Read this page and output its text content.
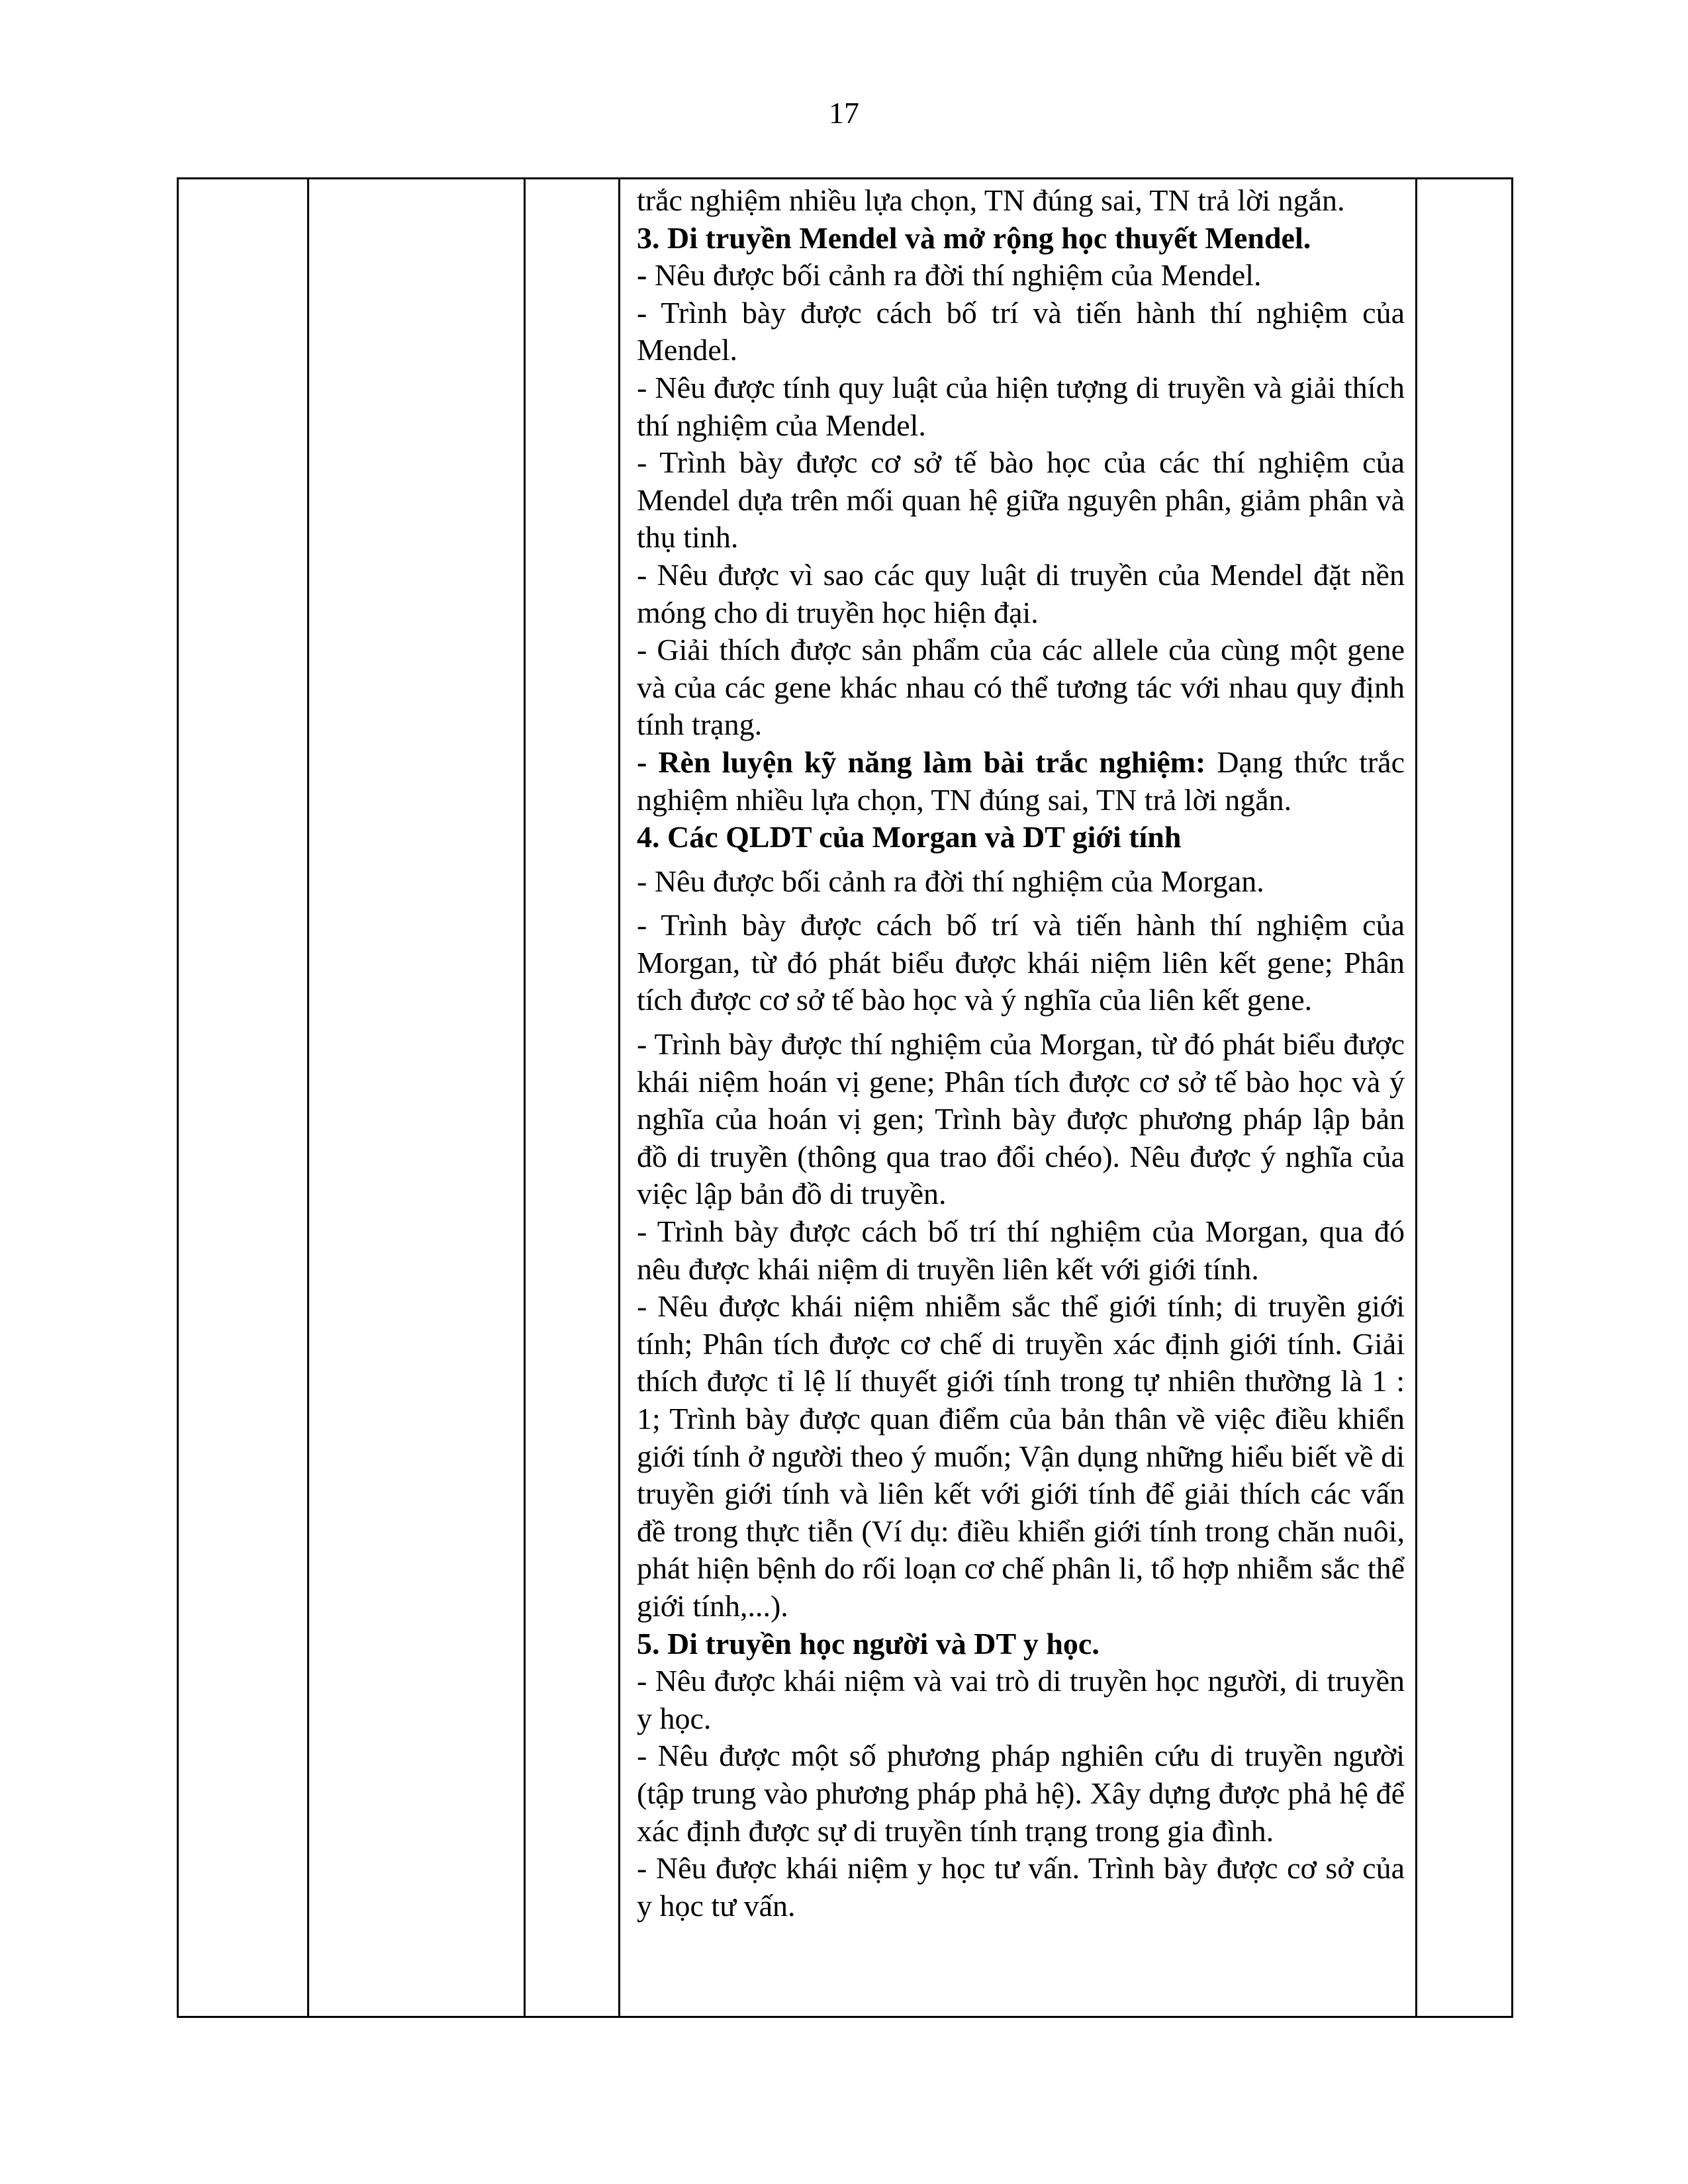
17

trắc nghiệm nhiều lựa chọn, TN đúng sai, TN trả lời ngắn.

3. Di truyền Mendel và mở rộng học thuyết Mendel.

- Nêu được bối cảnh ra đời thí nghiệm của Mendel.

- Trình bày được cách bố trí và tiến hành thí nghiệm của Mendel.

- Nêu được tính quy luật của hiện tượng di truyền và giải thích thí nghiệm của Mendel.

- Trình bày được cơ sở tế bào học của các thí nghiệm của Mendel dựa trên mối quan hệ giữa nguyên phân, giảm phân và thụ tinh.

- Nêu được vì sao các quy luật di truyền của Mendel đặt nền móng cho di truyền học hiện đại.

- Giải thích được sản phẩm của các allele của cùng một gene và của các gene khác nhau có thể tương tác với nhau quy định tính trạng.

- Rèn luyện kỹ năng làm bài trắc nghiệm: Dạng thức trắc nghiệm nhiều lựa chọn, TN đúng sai, TN trả lời ngắn.

4. Các QLDT của Morgan và DT giới tính

- Nêu được bối cảnh ra đời thí nghiệm của Morgan.

- Trình bày được cách bố trí và tiến hành thí nghiệm của Morgan, từ đó phát biểu được khái niệm liên kết gene; Phân tích được cơ sở tế bào học và ý nghĩa của liên kết gene.

- Trình bày được thí nghiệm của Morgan, từ đó phát biểu được khái niệm hoán vị gene; Phân tích được cơ sở tế bào học và ý nghĩa của hoán vị gen; Trình bày được phương pháp lập bản đồ di truyền (thông qua trao đổi chéo). Nêu được ý nghĩa của việc lập bản đồ di truyền.

- Trình bày được cách bố trí thí nghiệm của Morgan, qua đó nêu được khái niệm di truyền liên kết với giới tính.

- Nêu được khái niệm nhiễm sắc thể giới tính; di truyền giới tính; Phân tích được cơ chế di truyền xác định giới tính. Giải thích được tỉ lệ lí thuyết giới tính trong tự nhiên thường là 1 : 1; Trình bày được quan điểm của bản thân về việc điều khiển giới tính ở người theo ý muốn; Vận dụng những hiểu biết về di truyền giới tính và liên kết với giới tính để giải thích các vấn đề trong thực tiễn (Ví dụ: điều khiển giới tính trong chăn nuôi, phát hiện bệnh do rối loạn cơ chế phân li, tổ hợp nhiễm sắc thể giới tính,...).

5. Di truyền học người và DT y học.

- Nêu được khái niệm và vai trò di truyền học người, di truyền y học.

- Nêu được một số phương pháp nghiên cứu di truyền người (tập trung vào phương pháp phả hệ). Xây dựng được phả hệ để xác định được sự di truyền tính trạng trong gia đình.

- Nêu được khái niệm y học tư vấn. Trình bày được cơ sở của y học tư vấn.
